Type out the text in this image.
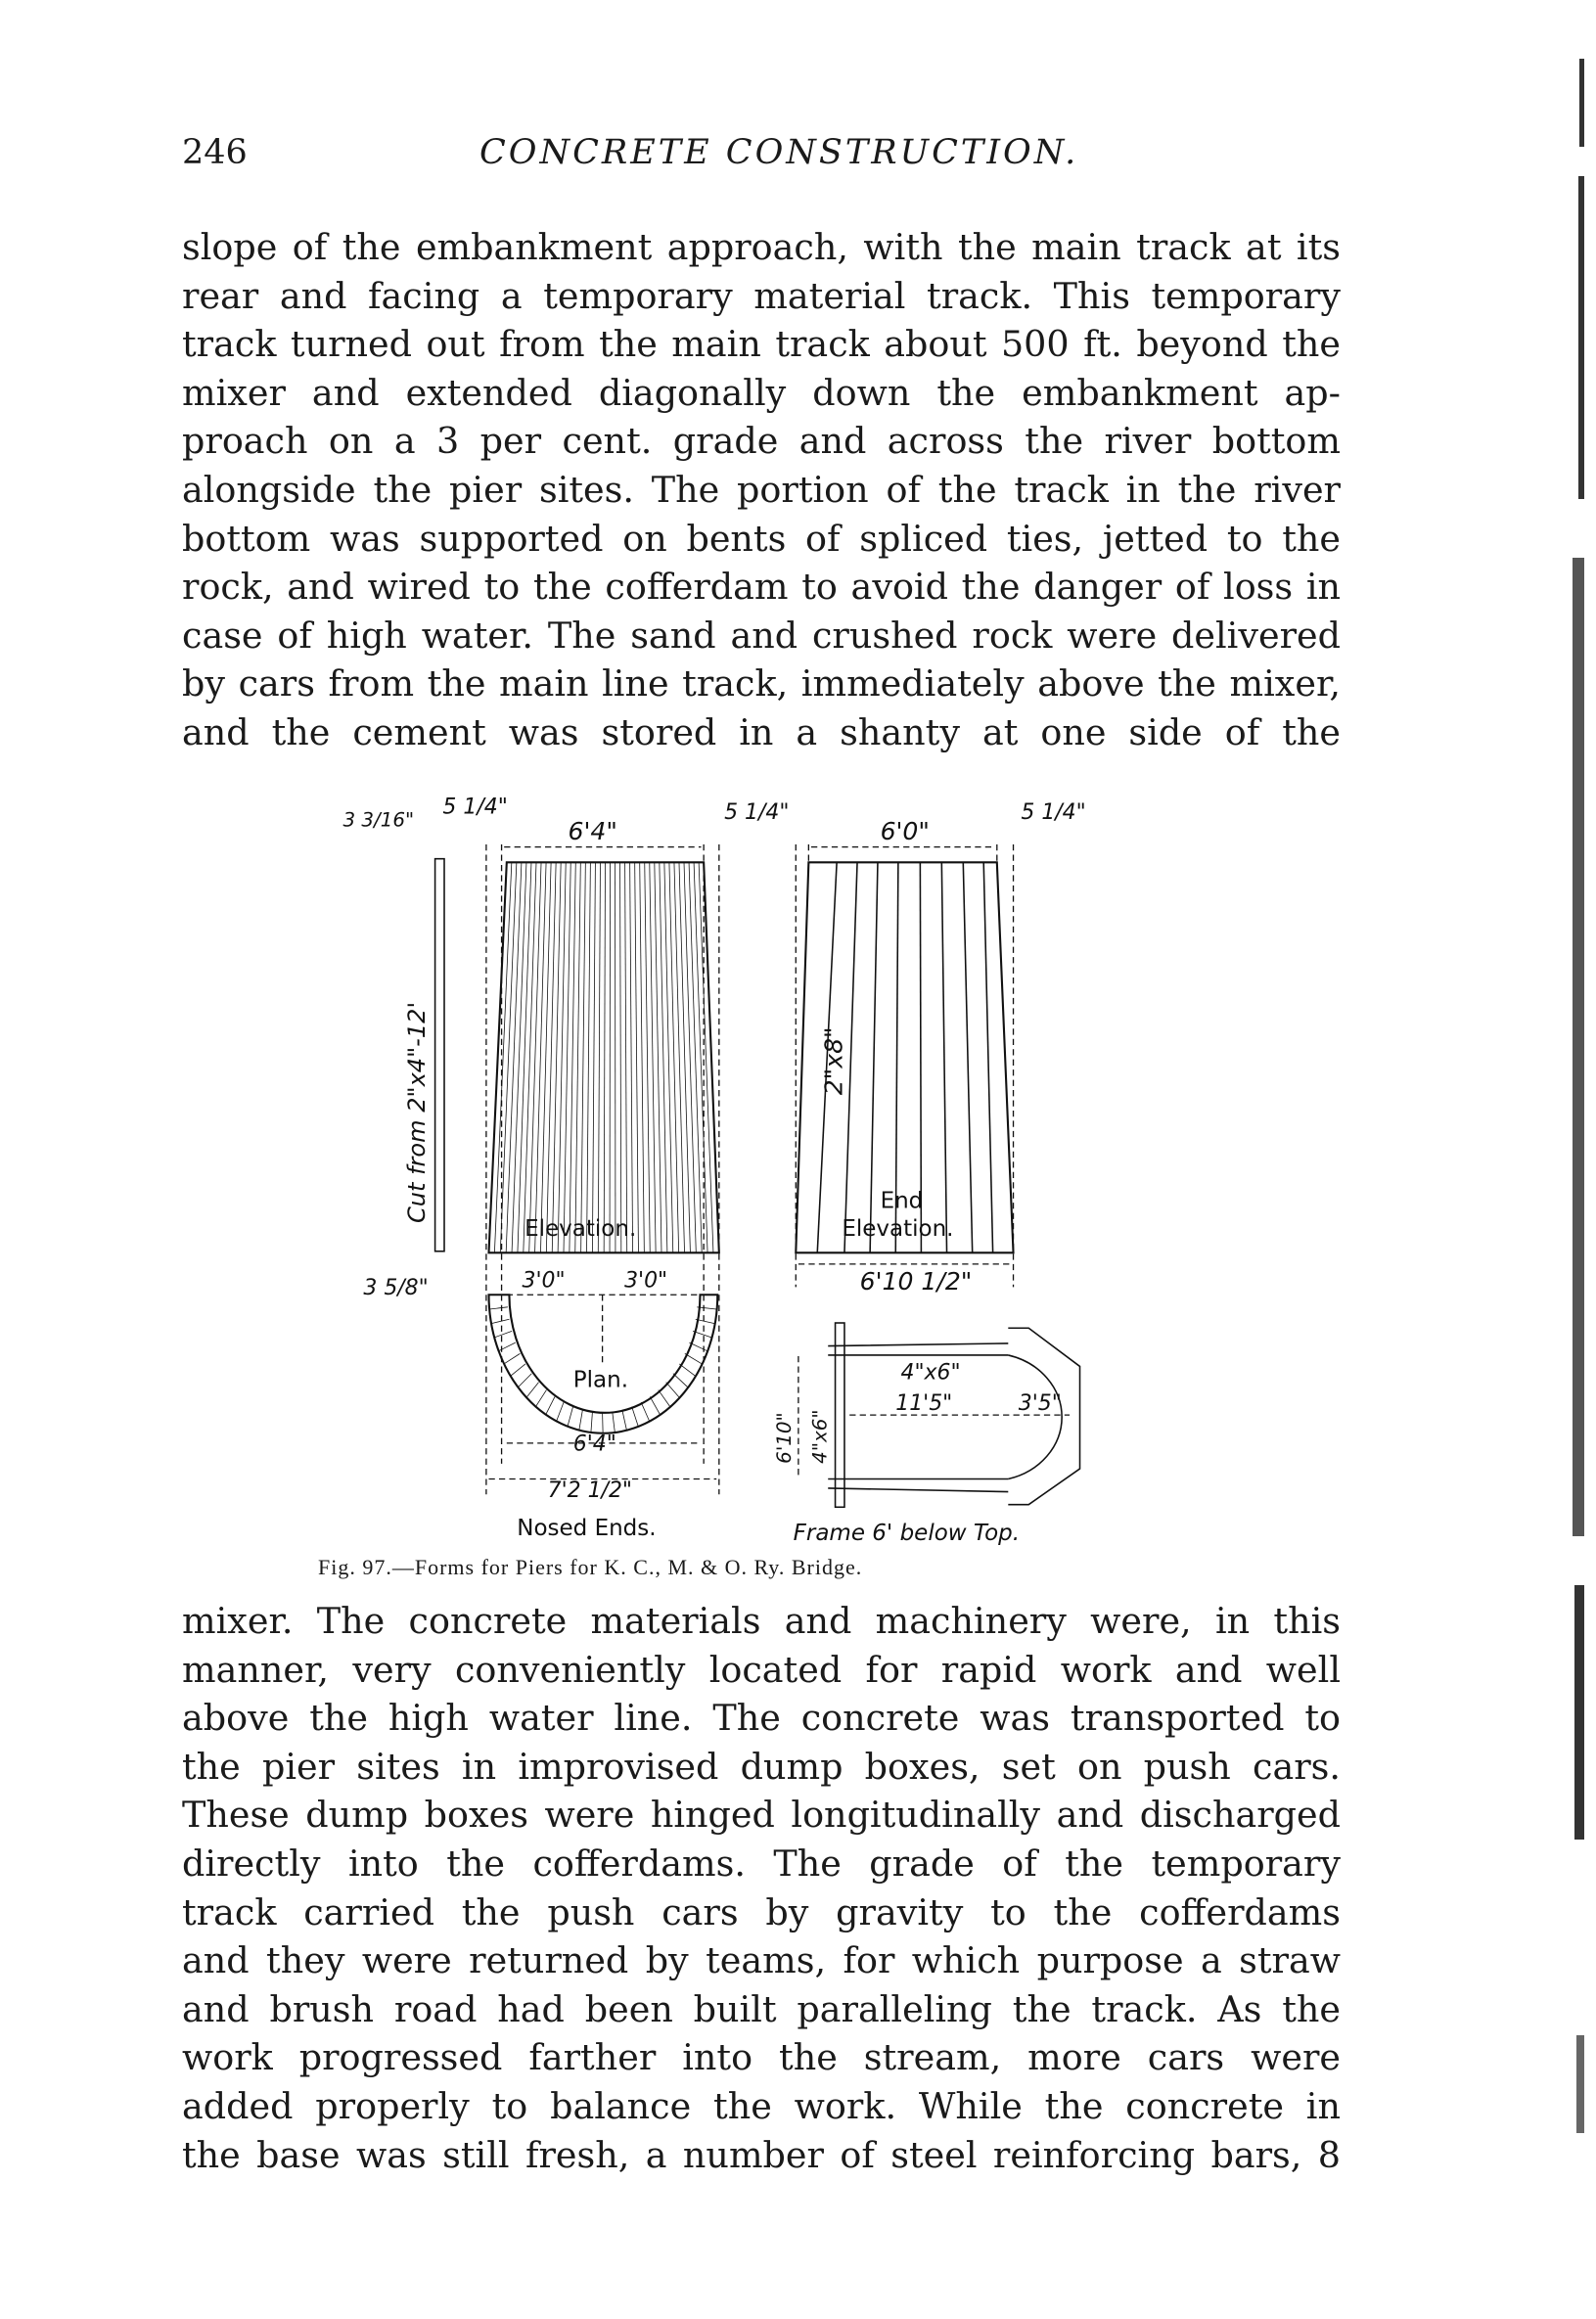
246	CONCRETE CONSTRUCTION.
slope of the embankment approach, with the main track at its
rear and facing a temporary material track. This temporary
track turned out from the main track about 500 ft. beyond the
mixer and extended diagonally down the embankment ap-
proach on a 3 per cent. grade and across the river bottom
alongside the pier sites. The portion of the track in the river
bottom was supported on bents of spliced ties, jetted to the
rock, and wired to the cofferdam to avoid the danger of loss in
case of high water. The sand and crushed rock were delivered
by cars from the main line track, immediately above the mixer,
and the cement was stored in a shanty at one side of the
3 3/16"
3 5/8"
Cut from 2"x4"-12'
5 1/4"
6'4"
5 1/4"
6'0"
5 1/4"
2"x8"
6'10 1/2"
3'0" 3'0"
6'4"
7'2 1/2"
4"x6"
11'5" 3'5"
6'10" 4"x6"
Frame 6' below Top.
Elevation.
End
Elevation.
Plan.
Nosed Ends.
Fig. 97.—Forms for Piers for K. C., M. & O. Ry. Bridge.
mixer. The concrete materials and machinery were, in this
manner, very conveniently located for rapid work and well
above the high water line. The concrete was transported to
the pier sites in improvised dump boxes, set on push cars.
These dump boxes were hinged longitudinally and discharged
directly into the cofferdams. The grade of the temporary
track carried the push cars by gravity to the cofferdams
and they were returned by teams, for which purpose a straw
and brush road had been built paralleling the track. As the
work progressed farther into the stream, more cars were
added properly to balance the work. While the concrete in
the base was still fresh, a number of steel reinforcing bars, 8
